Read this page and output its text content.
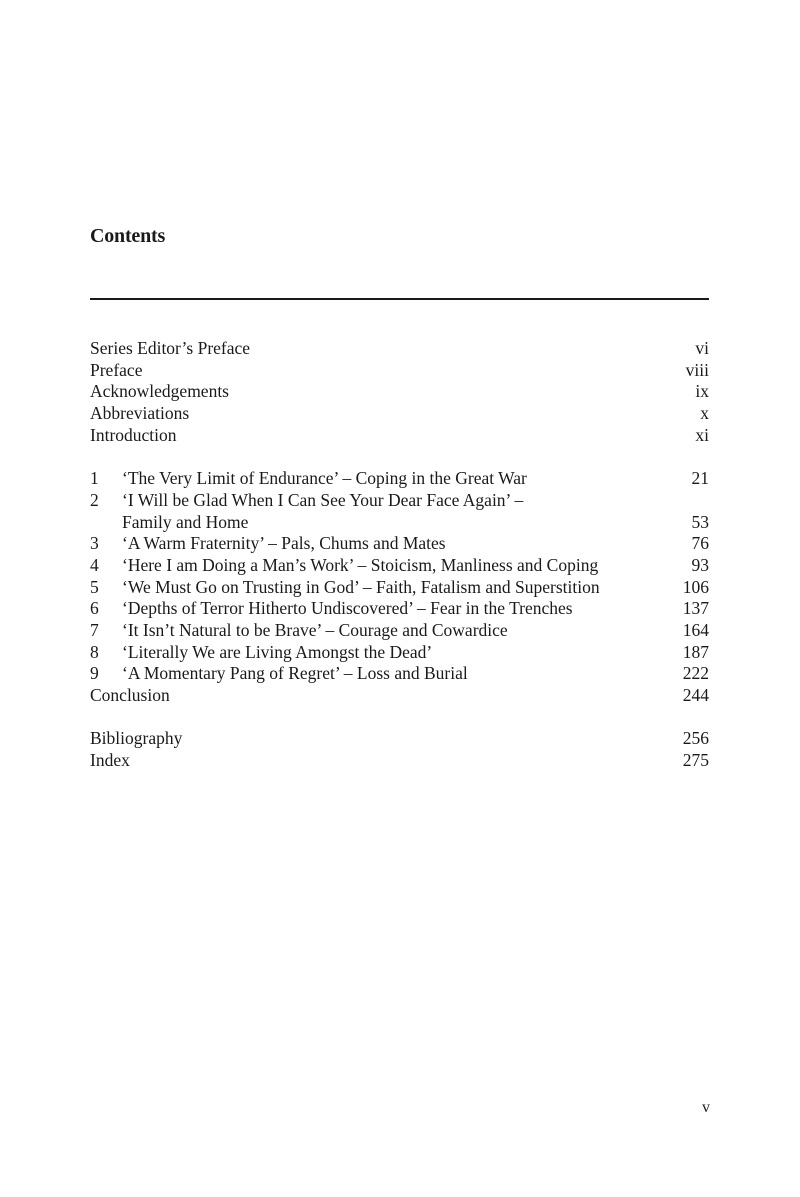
Contents
Series Editor’s Preface	vi
Preface	viii
Acknowledgements	ix
Abbreviations	x
Introduction	xi
1 ‘The Very Limit of Endurance’ – Coping in the Great War	21
2 ‘I Will be Glad When I Can See Your Dear Face Again’ –
Family and Home	53
3 ‘A Warm Fraternity’ – Pals, Chums and Mates	76
4 ‘Here I am Doing a Man’s Work’ – Stoicism, Manliness and Coping	93
5 ‘We Must Go on Trusting in God’ – Faith, Fatalism and Superstition	106
6 ‘Depths of Terror Hitherto Undiscovered’ – Fear in the Trenches	137
7 ‘It Isn’t Natural to be Brave’ – Courage and Cowardice	164
8 ‘Literally We are Living Amongst the Dead’	187
9 ‘A Momentary Pang of Regret’ – Loss and Burial	222
Conclusion	244
Bibliography	256
Index	275
v
